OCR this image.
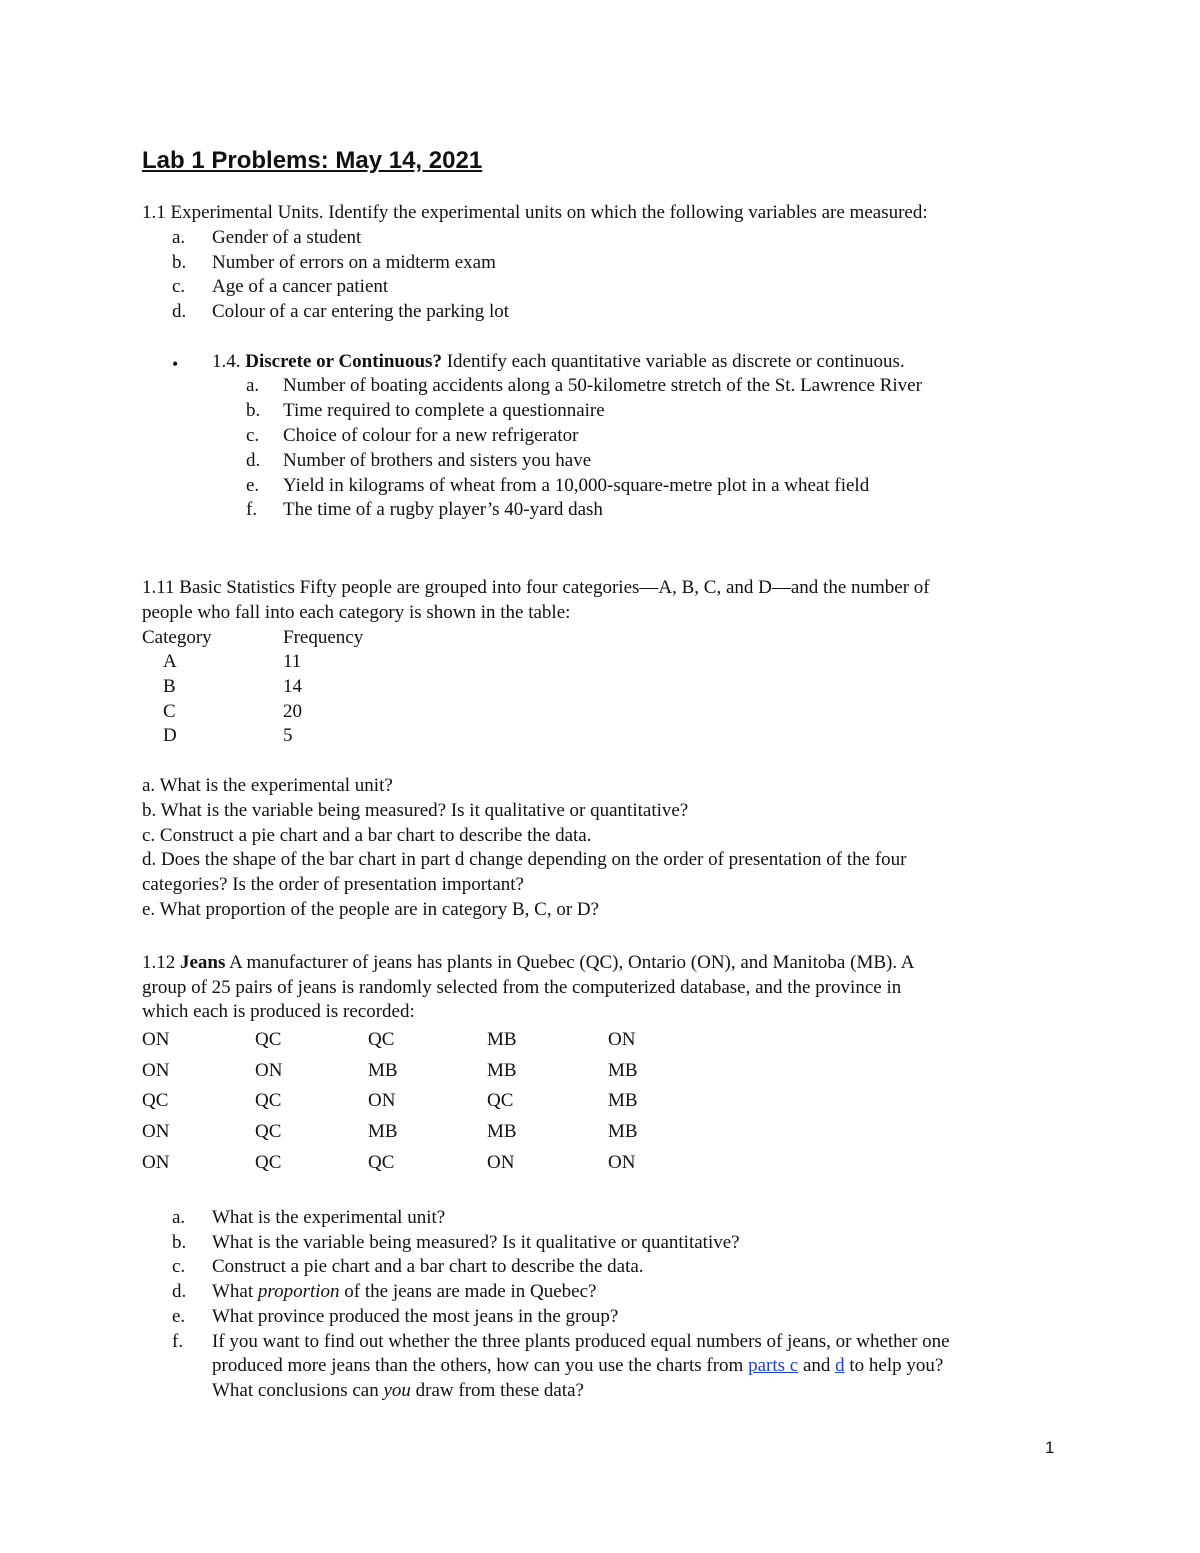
Lab 1 Problems: May 14, 2021
1.1 Experimental Units. Identify the experimental units on which the following variables are measured:
a. Gender of a student
b. Number of errors on a midterm exam
c. Age of a cancer patient
d. Colour of a car entering the parking lot
• 1.4. Discrete or Continuous? Identify each quantitative variable as discrete or continuous.
a. Number of boating accidents along a 50-kilometre stretch of the St. Lawrence River
b. Time required to complete a questionnaire
c. Choice of colour for a new refrigerator
d. Number of brothers and sisters you have
e. Yield in kilograms of wheat from a 10,000-square-metre plot in a wheat field
f. The time of a rugby player’s 40-yard dash
1.11 Basic Statistics Fifty people are grouped into four categories—A, B, C, and D—and the number of
people who fall into each category is shown in the table:
Category	Frequency
A	11
B	14
C	20
D	5
a. What is the experimental unit?
b. What is the variable being measured? Is it qualitative or quantitative?
c. Construct a pie chart and a bar chart to describe the data.
d. Does the shape of the bar chart in part d change depending on the order of presentation of the four
categories? Is the order of presentation important?
e. What proportion of the people are in category B, C, or D?
1.12 Jeans A manufacturer of jeans has plants in Quebec (QC), Ontario (ON), and Manitoba (MB). A
group of 25 pairs of jeans is randomly selected from the computerized database, and the province in
which each is produced is recorded:
ON	QC	QC	MB	ON
ON	ON	MB	MB	MB
QC	QC	ON	QC	MB
ON	QC	MB	MB	MB
ON	QC	QC	ON	ON
a. What is the experimental unit?
b. What is the variable being measured? Is it qualitative or quantitative?
c. Construct a pie chart and a bar chart to describe the data.
d. What proportion of the jeans are made in Quebec?
e. What province produced the most jeans in the group?
f. If you want to find out whether the three plants produced equal numbers of jeans, or whether one
produced more jeans than the others, how can you use the charts from parts c and d to help you?
What conclusions can you draw from these data?
1
